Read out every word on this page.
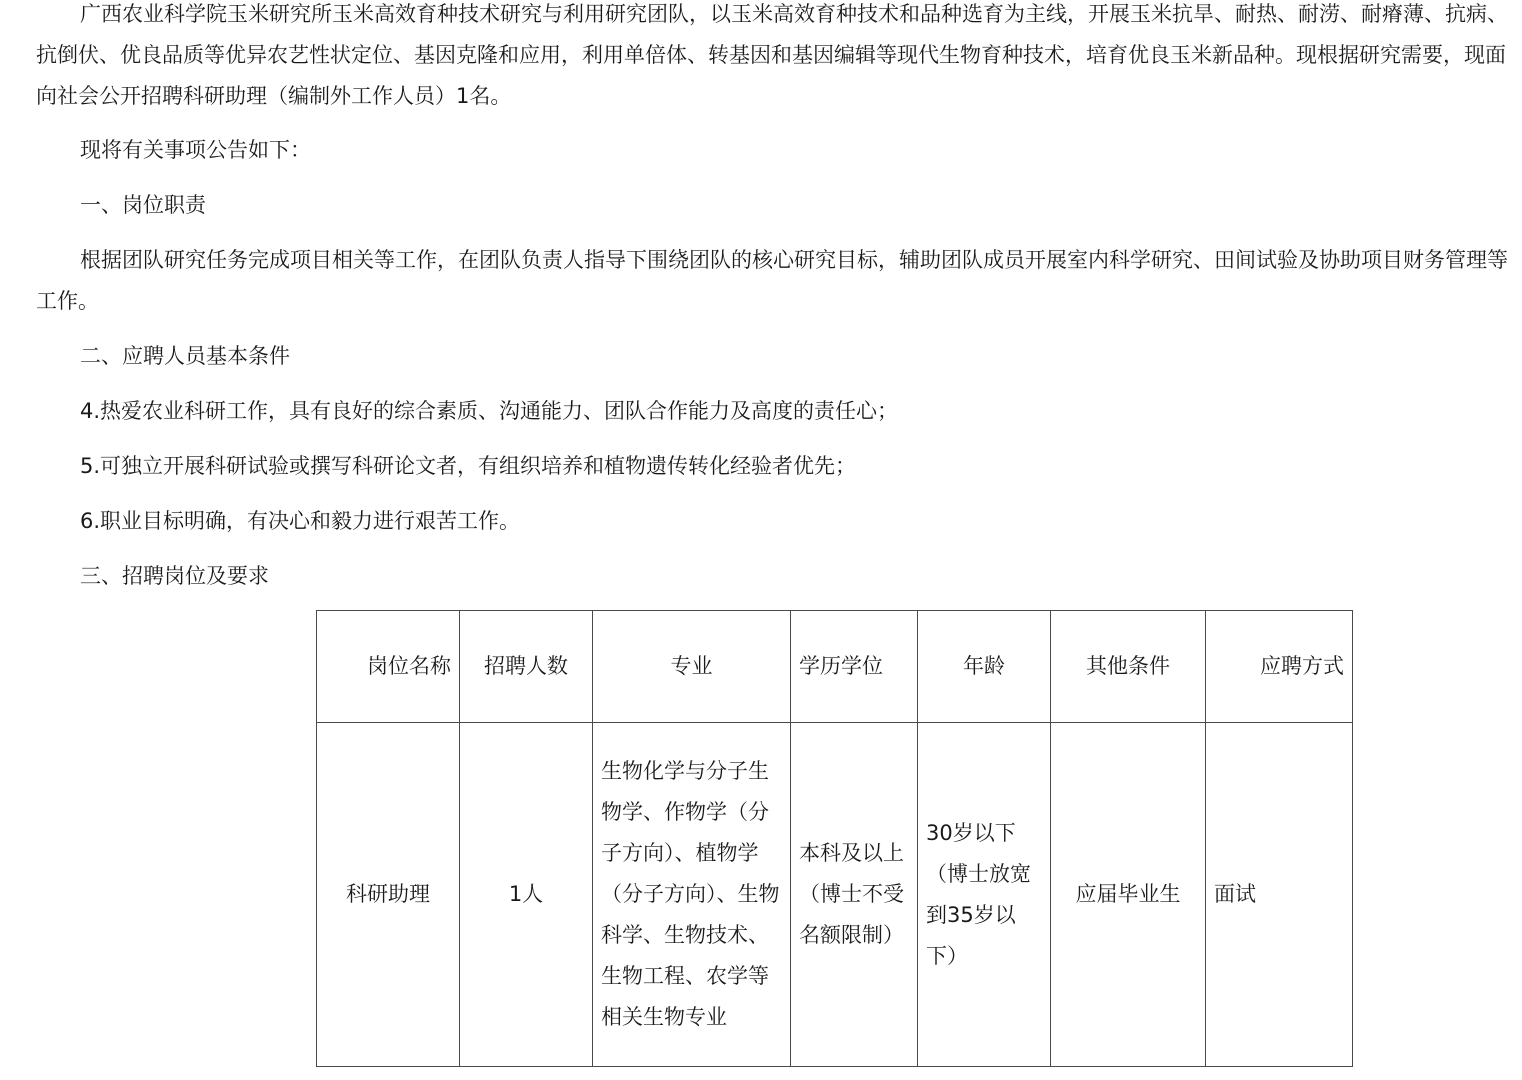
广西农业科学院玉米研究所玉米高效育种技术研究与利用研究团队，以玉米高效育种技术和品种选育为主线，开展玉米抗旱、耐热、耐涝、耐瘠薄、抗病、抗倒伏、优良品质等优异农艺性状定位、基因克隆和应用，利用单倍体、转基因和基因编辑等现代生物育种技术，培育优良玉米新品种。现根据研究需要，现面向社会公开招聘科研助理（编制外工作人员）1名。

现将有关事项公告如下：

一、岗位职责

根据团队研究任务完成项目相关等工作，在团队负责人指导下围绕团队的核心研究目标，辅助团队成员开展室内科学研究、田间试验及协助项目财务管理等工作。

二、应聘人员基本条件

4.热爱农业科研工作，具有良好的综合素质、沟通能力、团队合作能力及高度的责任心；

5.可独立开展科研试验或撰写科研论文者，有组织培养和植物遗传转化经验者优先；

6.职业目标明确，有决心和毅力进行艰苦工作。

三、招聘岗位及要求

岗位名称	招聘人数	专业	学历学位	年龄	其他条件	应聘方式
科研助理	1人	生物化学与分子生物学、作物学（分子方向）、植物学（分子方向）、生物科学、生物技术、生物工程、农学等相关生物专业	本科及以上（博士不受名额限制）	30岁以下（博士放宽到35岁以下）	应届毕业生	面试
